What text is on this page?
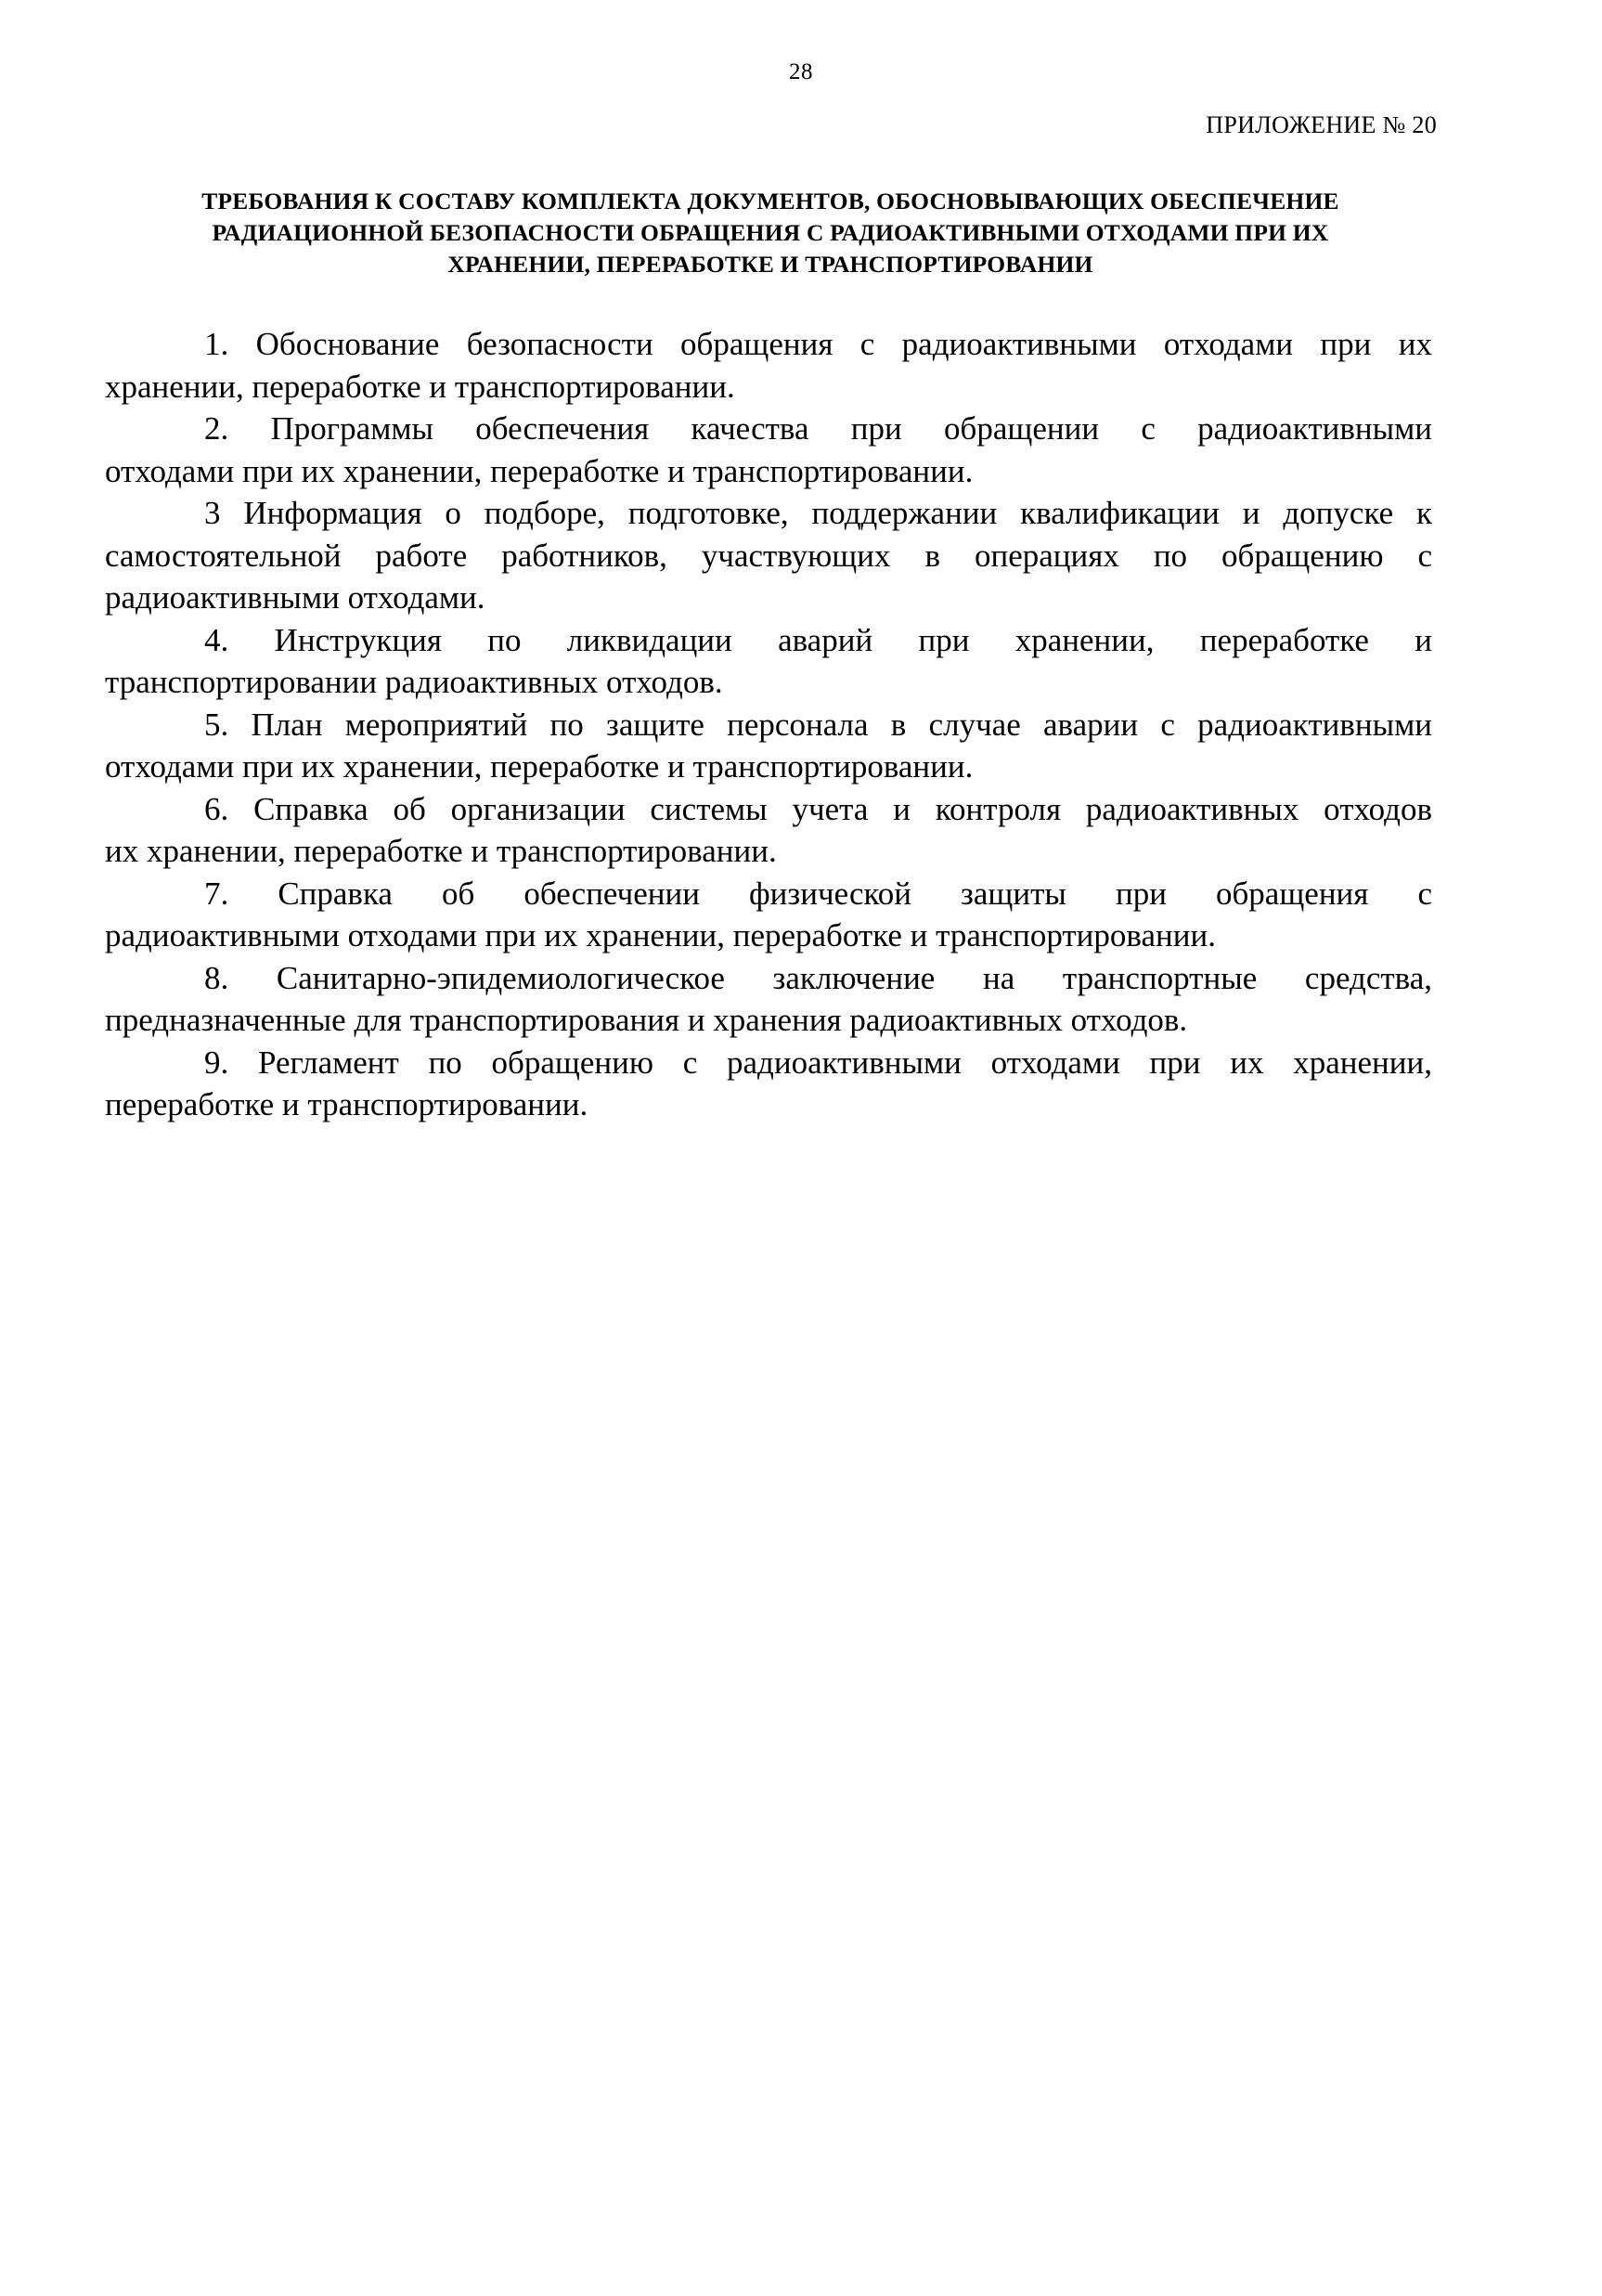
28
ПРИЛОЖЕНИЕ № 20
ТРЕБОВАНИЯ К СОСТАВУ КОМПЛЕКТА ДОКУМЕНТОВ, ОБОСНОВЫВАЮЩИХ ОБЕСПЕЧЕНИЕ
РАДИАЦИОННОЙ БЕЗОПАСНОСТИ ОБРАЩЕНИЯ С РАДИОАКТИВНЫМИ ОТХОДАМИ ПРИ ИХ
ХРАНЕНИИ, ПЕРЕРАБОТКЕ И ТРАНСПОРТИРОВАНИИ

1. Обоснование безопасности обращения с радиоактивными отходами при их
хранении, переработке и транспортировании.

2. Программы обеспечения качества при обращении с радиоактивными
отходами при их хранении, переработке и транспортировании.

3 Информация о подборе, подготовке, поддержании квалификации и допуске к
самостоятельной работе работников, участвующих в операциях по обращению с
радиоактивными отходами.

4. Инструкция по ликвидации аварий при хранении, переработке и
транспортировании радиоактивных отходов.

5. План мероприятий по защите персонала в случае аварии с радиоактивными
отходами при их хранении, переработке и транспортировании.

6. Справка об организации системы учета и контроля радиоактивных отходов
их хранении, переработке и транспортировании.

7. Справка об обеспечении физической защиты при обращения с
радиоактивными отходами при их хранении, переработке и транспортировании.

8. Санитарно-эпидемиологическое заключение на транспортные средства,
предназначенные для транспортирования и хранения радиоактивных отходов.

9. Регламент по обращению с радиоактивными отходами при их хранении,
переработке и транспортировании.
